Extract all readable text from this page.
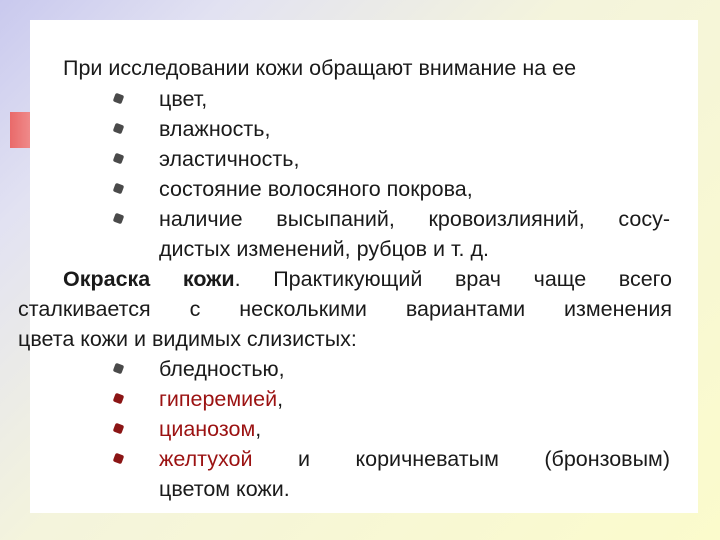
При исследовании кожи обращают внимание на ее
цвет,
влажность,
эластичность,
состояние волосяного покрова,
наличие высыпаний, кровоизлияний, сосу-
дистых изменений, рубцов и т. д.
Окраска кожи. Практикующий врач чаще всего
сталкивается с несколькими вариантами изменения
цвета кожи и видимых слизистых:
бледностью,
гиперемией,
цианозом,
желтухой и коричневатым (бронзовым)
цветом кожи.
